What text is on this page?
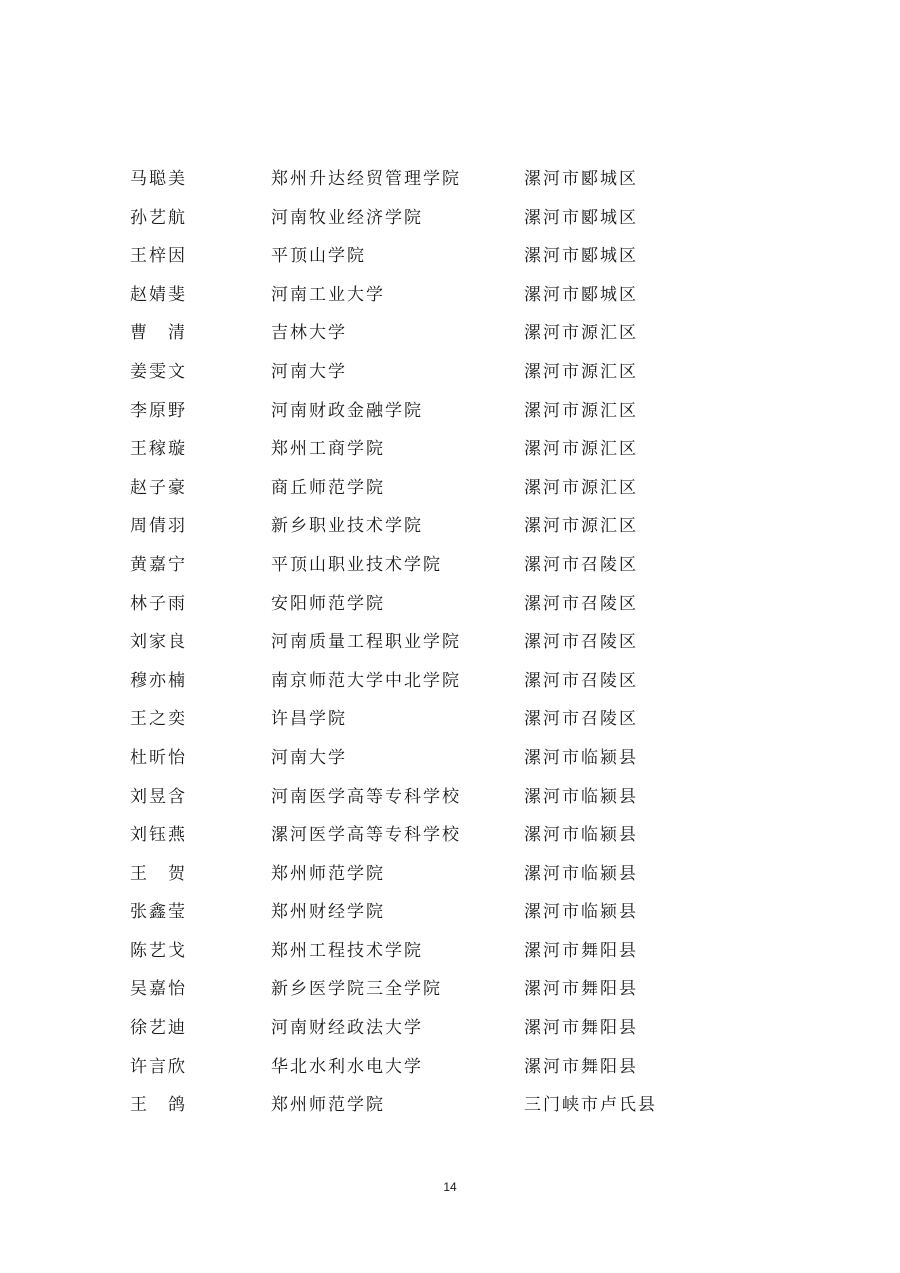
马聪美	郑州升达经贸管理学院	漯河市郾城区
孙艺航	河南牧业经济学院	漯河市郾城区
王梓因	平顶山学院	漯河市郾城区
赵婧斐	河南工业大学	漯河市郾城区
曹　清	吉林大学	漯河市源汇区
姜雯文	河南大学	漯河市源汇区
李原野	河南财政金融学院	漯河市源汇区
王稼璇	郑州工商学院	漯河市源汇区
赵子豪	商丘师范学院	漯河市源汇区
周倩羽	新乡职业技术学院	漯河市源汇区
黄嘉宁	平顶山职业技术学院	漯河市召陵区
林子雨	安阳师范学院	漯河市召陵区
刘家良	河南质量工程职业学院	漯河市召陵区
穆亦楠	南京师范大学中北学院	漯河市召陵区
王之奕	许昌学院	漯河市召陵区
杜昕怡	河南大学	漯河市临颍县
刘昱含	河南医学高等专科学校	漯河市临颍县
刘钰燕	漯河医学高等专科学校	漯河市临颍县
王　贺	郑州师范学院	漯河市临颍县
张鑫莹	郑州财经学院	漯河市临颍县
陈艺戈	郑州工程技术学院	漯河市舞阳县
吴嘉怡	新乡医学院三全学院	漯河市舞阳县
徐艺迪	河南财经政法大学	漯河市舞阳县
许言欣	华北水利水电大学	漯河市舞阳县
王　鸽	郑州师范学院	三门峡市卢氏县
14
